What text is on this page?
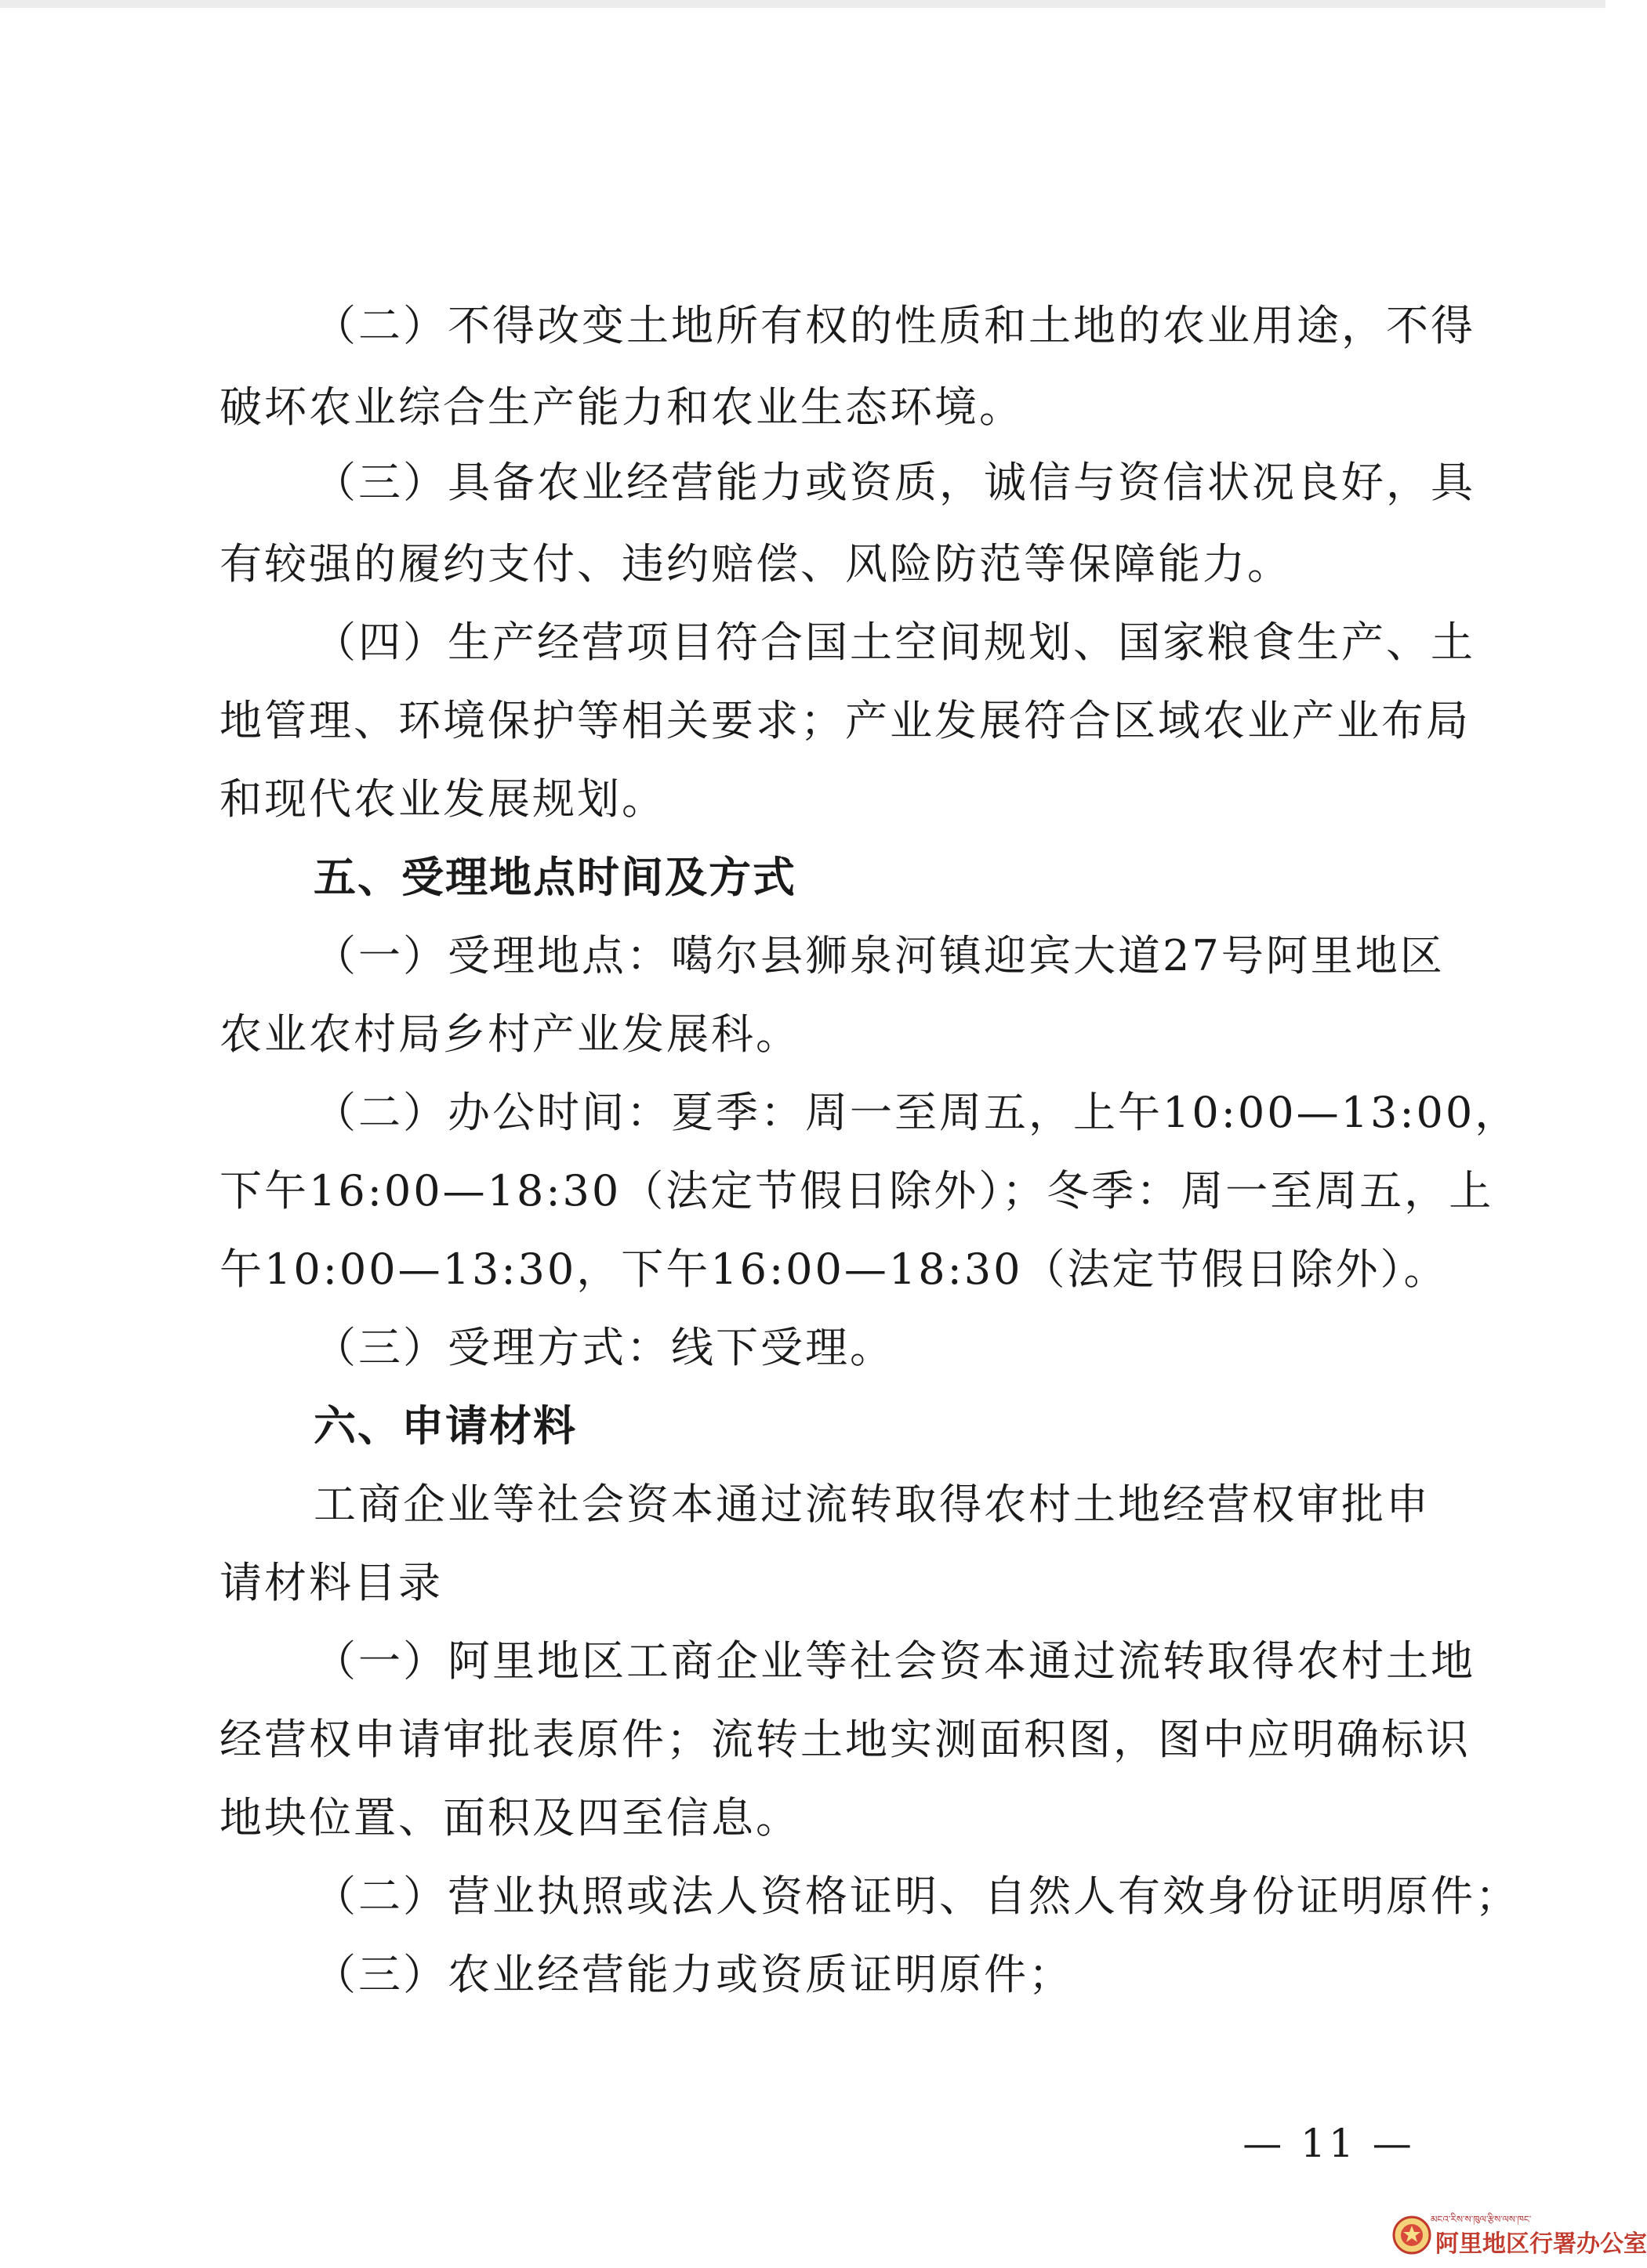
（二）不得改变土地所有权的性质和土地的农业用途，不得
破坏农业综合生产能力和农业生态环境。
（三）具备农业经营能力或资质，诚信与资信状况良好，具
有较强的履约支付、违约赔偿、风险防范等保障能力。
（四）生产经营项目符合国土空间规划、国家粮食生产、土
地管理、环境保护等相关要求；产业发展符合区域农业产业布局
和现代农业发展规划。
五、受理地点时间及方式
（一）受理地点：噶尔县狮泉河镇迎宾大道27号阿里地区
农业农村局乡村产业发展科。
（二）办公时间：夏季：周一至周五，上午10:00—13:00，
下午16:00—18:30（法定节假日除外）；冬季：周一至周五，上
午10:00—13:30，下午16:00—18:30（法定节假日除外）。
（三）受理方式：线下受理。
六、申请材料
工商企业等社会资本通过流转取得农村土地经营权审批申
请材料目录
（一）阿里地区工商企业等社会资本通过流转取得农村土地
经营权申请审批表原件；流转土地实测面积图，图中应明确标识
地块位置、面积及四至信息。
（二）营业执照或法人资格证明、自然人有效身份证明原件；
（三）农业经营能力或资质证明原件；
— 11 —
མངའ་རིས་ས་ཁུལ་རྩིས་ལས་ཁང་
阿里地区行署办公室
